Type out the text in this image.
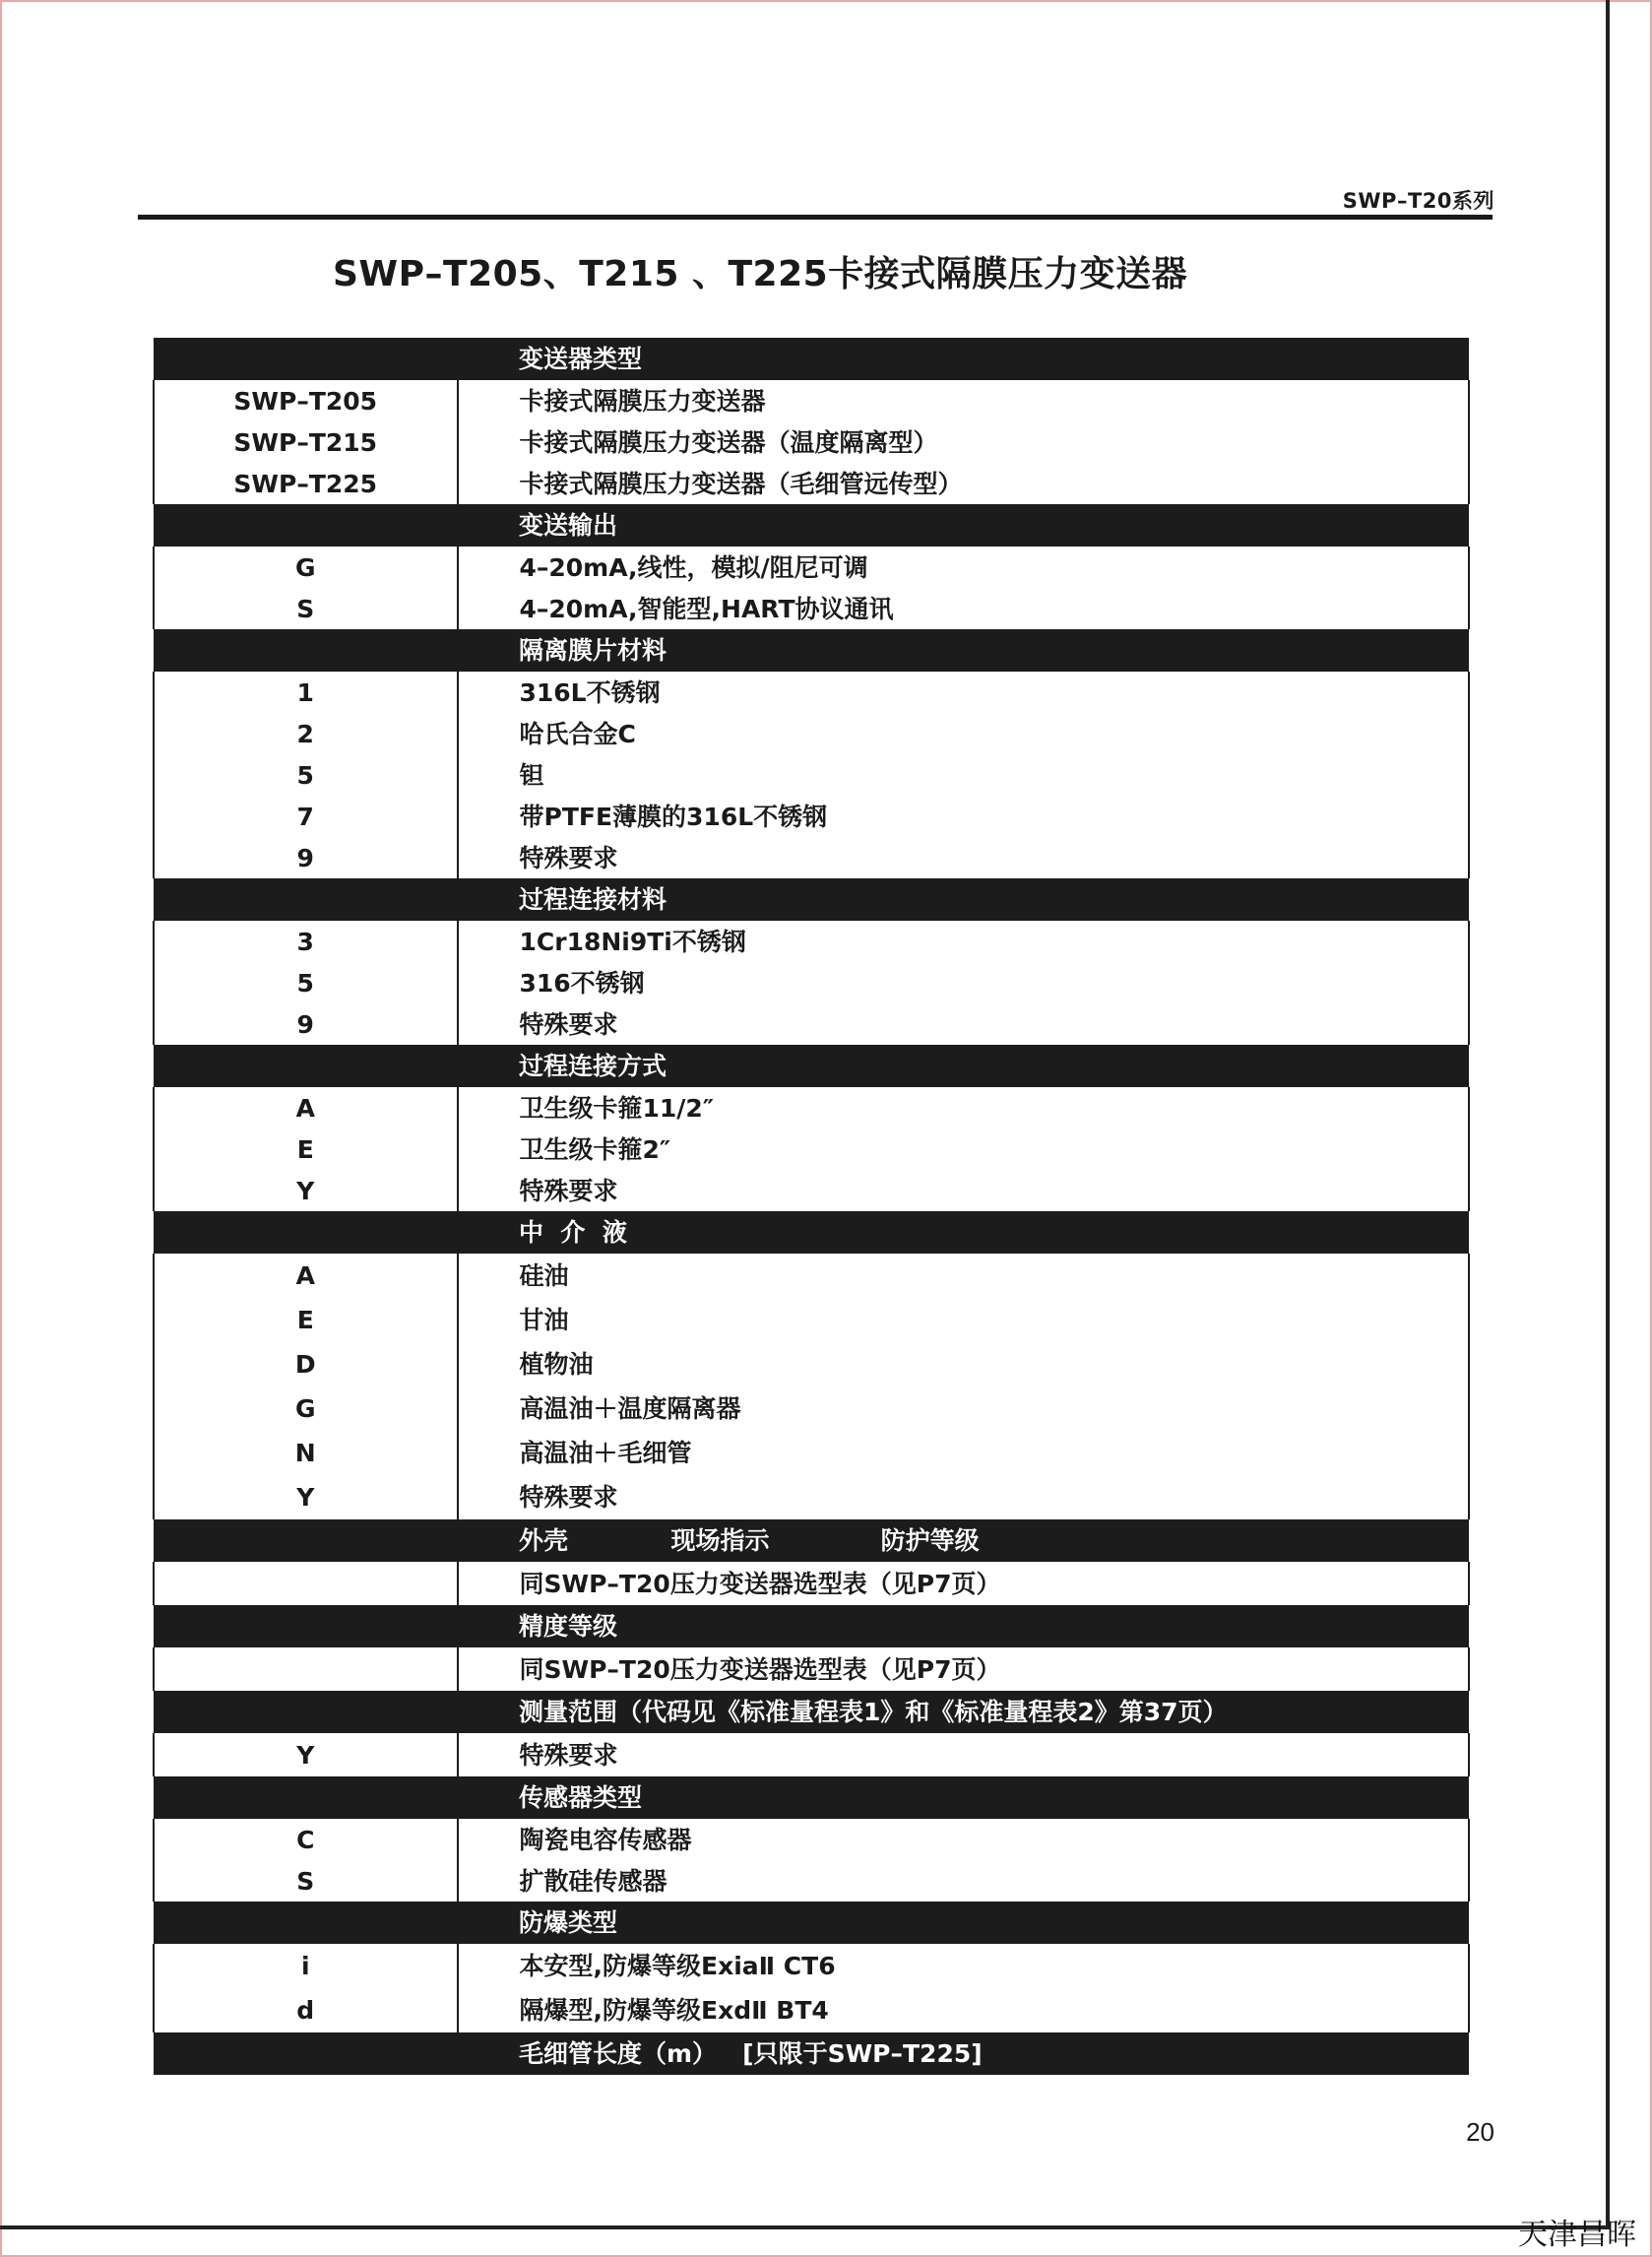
SWP–T20系列
SWP–T205、T215 、T225卡接式隔膜压力变送器
	变送器类型
SWP–T205	卡接式隔膜压力变送器
SWP–T215	卡接式隔膜压力变送器（温度隔离型）
SWP–T225	卡接式隔膜压力变送器（毛细管远传型）
	变送输出
G	4–20mA,线性，模拟/阻尼可调
S	4–20mA,智能型,HART协议通讯
	隔离膜片材料
1	316L不锈钢
2	哈氏合金C
5	钽
7	带PTFE薄膜的316L不锈钢
9	特殊要求
	过程连接材料
3	1Cr18Ni9Ti不锈钢
5	316不锈钢
9	特殊要求
	过程连接方式
A	卫生级卡箍11/2″
E	卫生级卡箍2″
Y	特殊要求
	中  介  液
A	硅油
E	甘油
D	植物油
G	高温油＋温度隔离器
N	高温油＋毛细管
Y	特殊要求
	外壳            现场指示             防护等级
	同SWP–T20压力变送器选型表（见P7页）
	精度等级
	同SWP–T20压力变送器选型表（见P7页）
	测量范围（代码见《标准量程表1》和《标准量程表2》第37页）
Y	特殊要求
	传感器类型
C	陶瓷电容传感器
S	扩散硅传感器
	防爆类型
i	本安型,防爆等级ExiaⅡ CT6
d	隔爆型,防爆等级ExdⅡ BT4
	毛细管长度（m）   [只限于SWP–T225]
20
天津昌晖
